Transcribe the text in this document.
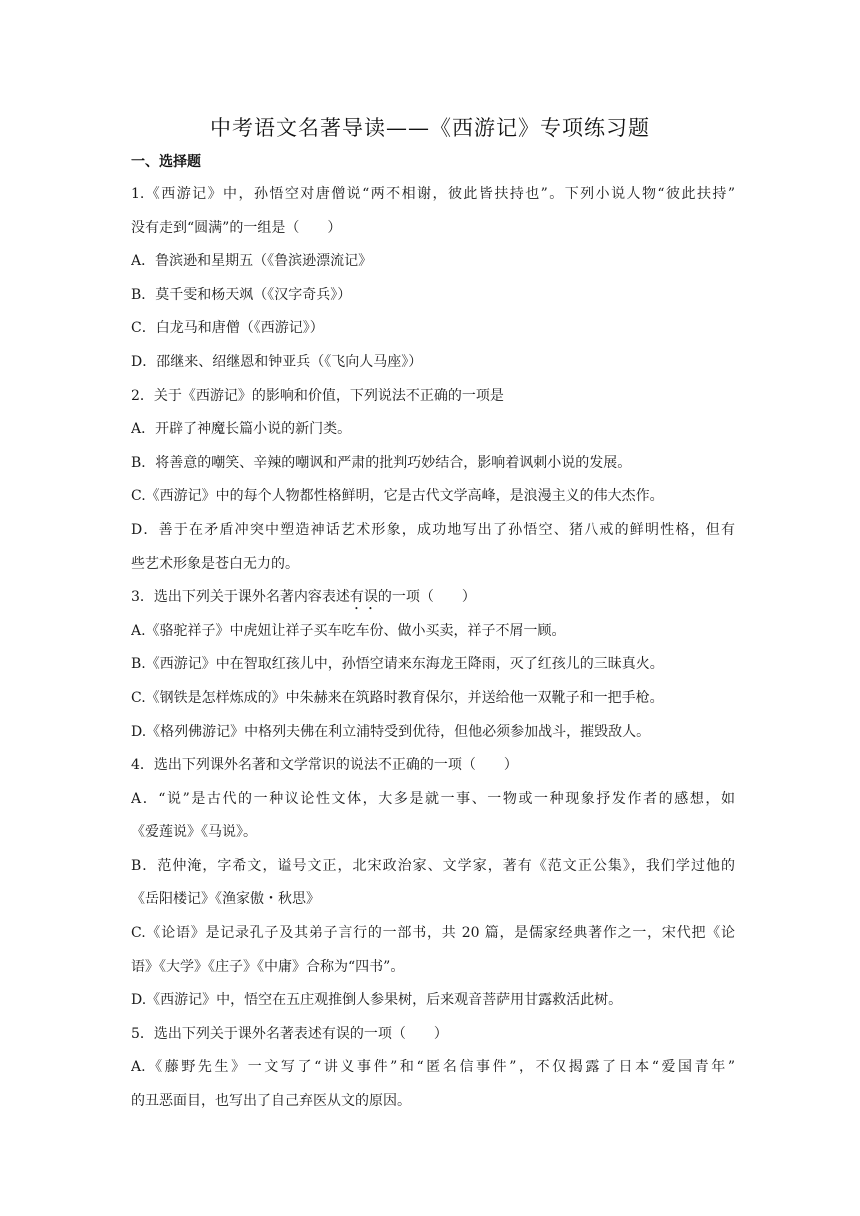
中考语文名著导读——《西游记》专项练习题
一、选择题
1.《西游记》中，孙悟空对唐僧说“两不相谢，彼此皆扶持也”。下列小说人物“彼此扶持”
没有走到“圆满”的一组是（　　）
A．鲁滨逊和星期五（《鲁滨逊漂流记》
B．莫千雯和杨天飒（《汉字奇兵》）
C．白龙马和唐僧（《西游记》）
D．邵继来、绍继恩和钟亚兵（《飞向人马座》）
2．关于《西游记》的影响和价值，下列说法不正确的一项是
A．开辟了神魔长篇小说的新门类。
B．将善意的嘲笑、辛辣的嘲讽和严肃的批判巧妙结合，影响着讽刺小说的发展。
C.《西游记》中的每个人物都性格鲜明，它是古代文学高峰，是浪漫主义的伟大杰作。
D．善于在矛盾冲突中塑造神话艺术形象，成功地写出了孙悟空、猪八戒的鲜明性格，但有
些艺术形象是苍白无力的。
3．选出下列关于课外名著内容表述有误的一项（　　）
A.《骆驼祥子》中虎妞让祥子买车吃车份、做小买卖，祥子不屑一顾。
B.《西游记》中在智取红孩儿中，孙悟空请来东海龙王降雨，灭了红孩儿的三昧真火。
C.《钢铁是怎样炼成的》中朱赫来在筑路时教育保尔，并送给他一双靴子和一把手枪。
D.《格列佛游记》中格列夫佛在利立浦特受到优待，但他必须参加战斗，摧毁敌人。
4．选出下列课外名著和文学常识的说法不正确的一项（　　）
A．“说”是古代的一种议论性文体，大多是就一事、一物或一种现象抒发作者的感想，如
《爱莲说》《马说》。
B．范仲淹，字希文，谥号文正，北宋政治家、文学家，著有《范文正公集》，我们学过他的
《岳阳楼记》《渔家傲・秋思》
C.《论语》是记录孔子及其弟子言行的一部书，共 20 篇，是儒家经典著作之一，宋代把《论
语》《大学》《庄子》《中庸》合称为“四书”。
D.《西游记》中，悟空在五庄观推倒人参果树，后来观音菩萨用甘露救活此树。
5．选出下列关于课外名著表述有误的一项（　　）
A.《藤野先生》一文写了“讲义事件”和“匿名信事件”，不仅揭露了日本“爱国青年”
的丑恶面目，也写出了自己弃医从文的原因。
